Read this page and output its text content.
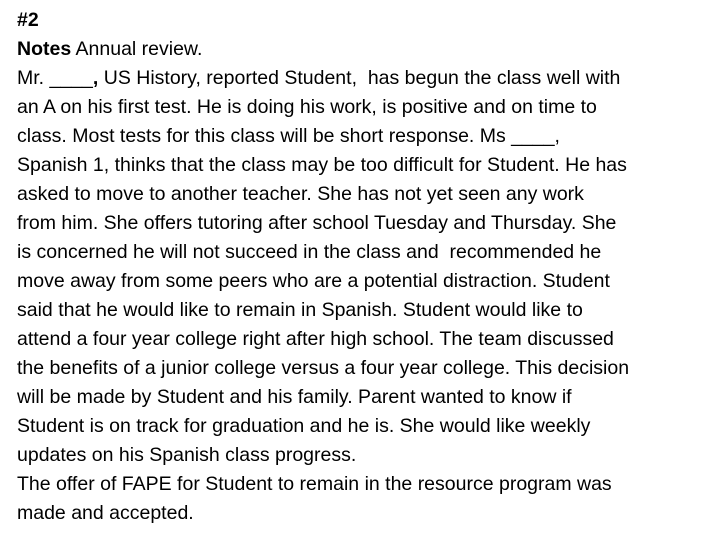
#2
Notes Annual review.
Mr. ____, US History, reported Student,  has begun the class well with
an A on his first test. He is doing his work, is positive and on time to
class. Most tests for this class will be short response. Ms ____,
Spanish 1, thinks that the class may be too difficult for Student. He has
asked to move to another teacher. She has not yet seen any work
from him. She offers tutoring after school Tuesday and Thursday. She
is concerned he will not succeed in the class and  recommended he
move away from some peers who are a potential distraction. Student
said that he would like to remain in Spanish. Student would like to
attend a four year college right after high school. The team discussed
the benefits of a junior college versus a four year college. This decision
will be made by Student and his family. Parent wanted to know if
Student is on track for graduation and he is. She would like weekly
updates on his Spanish class progress.
The offer of FAPE for Student to remain in the resource program was
made and accepted.
